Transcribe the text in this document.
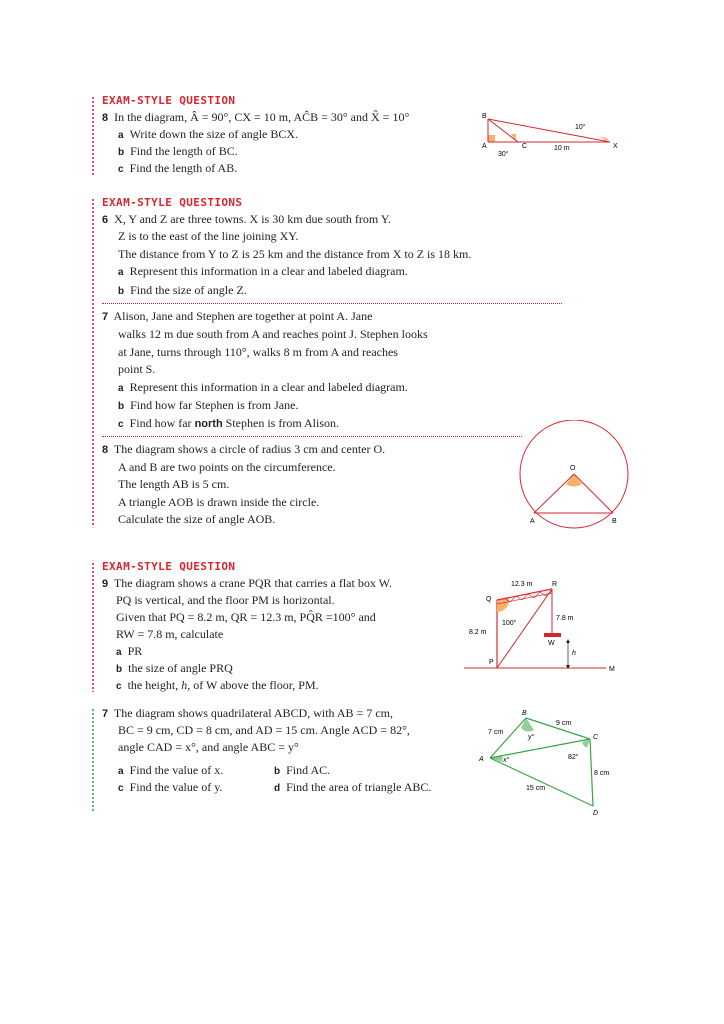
EXAM-STYLE QUESTION
8 In the diagram, Â = 90°, CX = 10 m, AĈB = 30° and X̂ = 10°
a Write down the size of angle BCX.
b Find the length of BC.
c Find the length of AB.
B
A	C	X
10°
30°
10 m
EXAM-STYLE QUESTIONS
6 X, Y and Z are three towns. X is 30 km due south from Y.
Z is to the east of the line joining XY.
The distance from Y to Z is 25 km and the distance from X to Z is 18 km.
a Represent this information in a clear and labeled diagram.
b Find the size of angle Z.
7 Alison, Jane and Stephen are together at point A. Jane
walks 12 m due south from A and reaches point J. Stephen looks
at Jane, turns through 110°, walks 8 m from A and reaches
point S.
a Represent this information in a clear and labeled diagram.
b Find how far Stephen is from Jane.
c Find how far north Stephen is from Alison.
8 The diagram shows a circle of radius 3 cm and center O.
A and B are two points on the circumference.
The length AB is 5 cm.
A triangle AOB is drawn inside the circle.
Calculate the size of angle AOB.
O
A	B
EXAM-STYLE QUESTION
9 The diagram shows a crane PQR that carries a flat box W.
PQ is vertical, and the floor PM is horizontal.
Given that PQ = 8.2 m, QR = 12.3 m, PQ̂R =100° and
RW = 7.8 m, calculate
a PR
b the size of angle PRQ
c the height, h, of W above the floor, PM.
12.3 m	R
Q
100°
7.8 m
8.2 m
W
h
P
M
7 The diagram shows quadrilateral ABCD, with AB = 7 cm,
BC = 9 cm, CD = 8 cm, and AD = 15 cm. Angle ACD = 82°,
angle CAD = x°, and angle ABC = y°
a Find the value of x.	b Find AC.
c Find the value of y.	d Find the area of triangle ABC.
B
A
C
D
7 cm
9 cm
8 cm
15 cm
y°
x°	82°
